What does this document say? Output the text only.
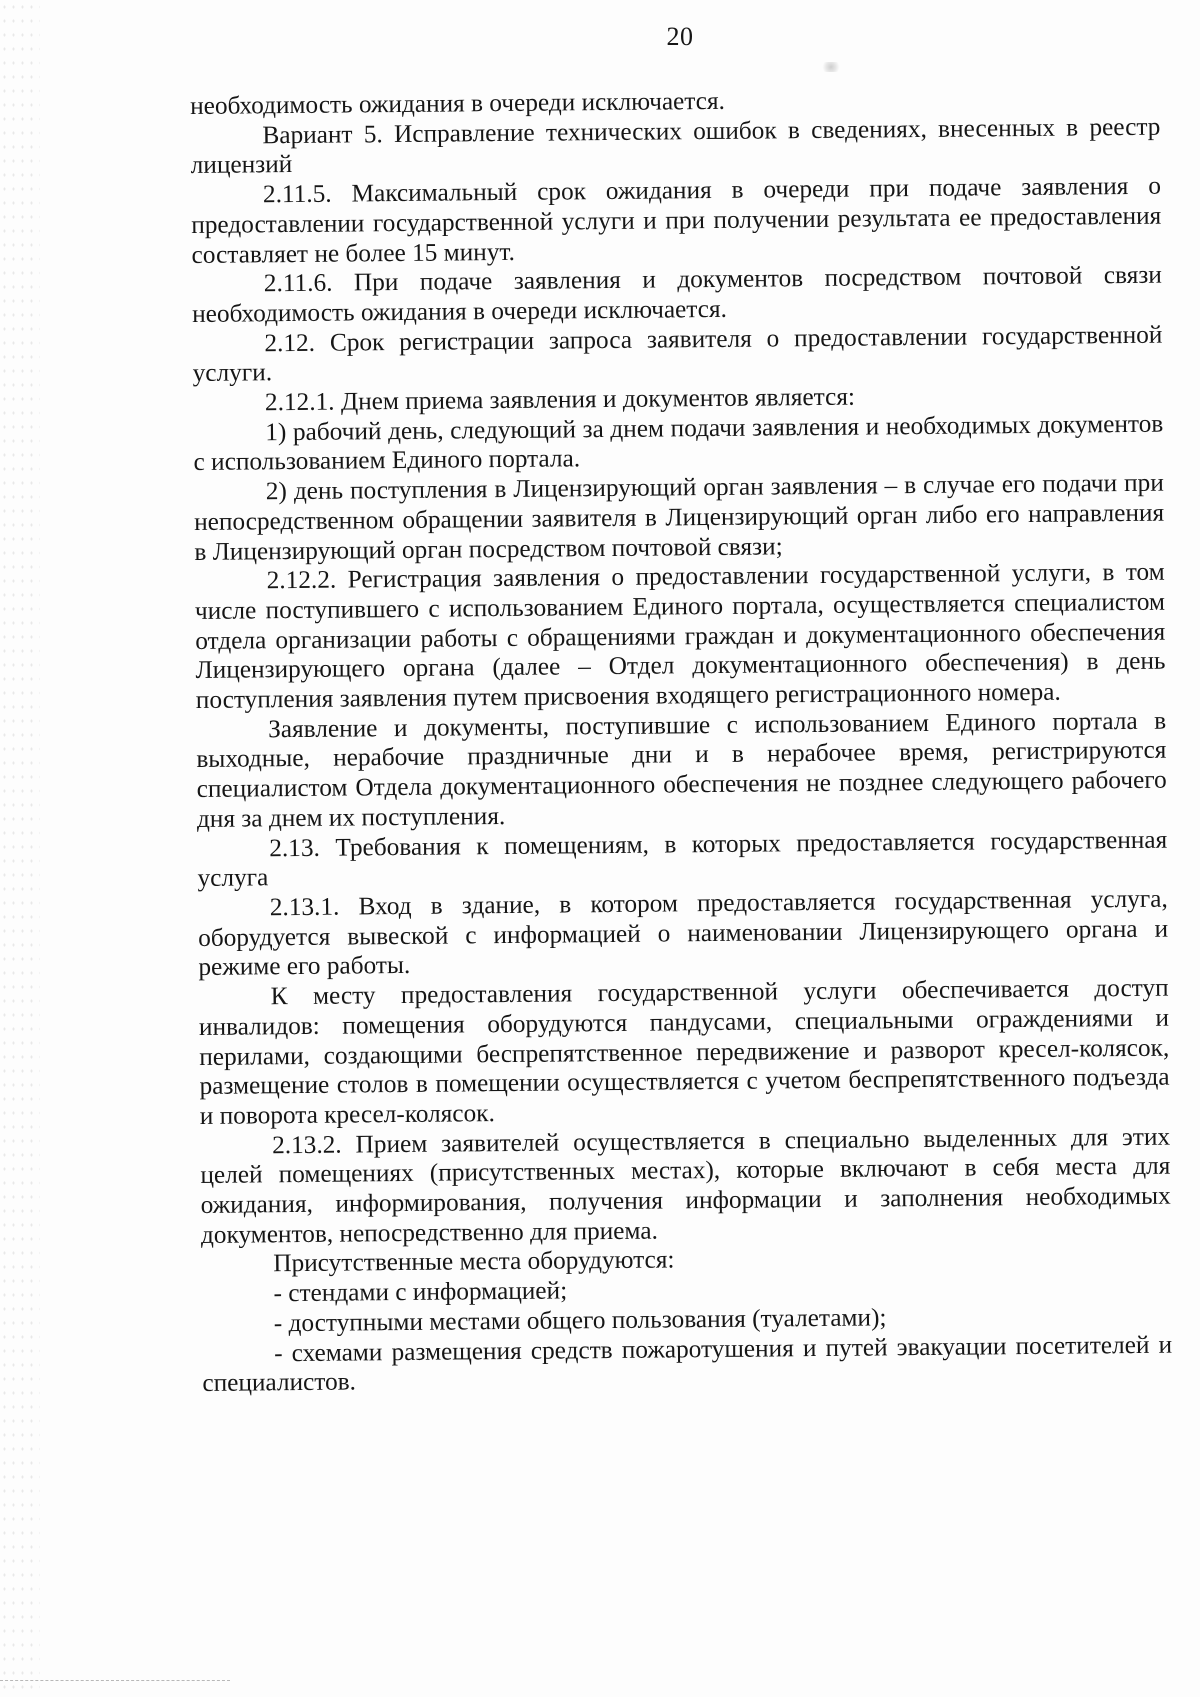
20

необходимость ожидания в очереди исключается.

Вариант 5. Исправление технических ошибок в сведениях, внесенных в реестр лицензий

2.11.5. Максимальный срок ожидания в очереди при подаче заявления о предоставлении государственной услуги и при получении результата ее предоставления составляет не более 15 минут.

2.11.6. При подаче заявления и документов посредством почтовой связи необходимость ожидания в очереди исключается.

2.12. Срок регистрации запроса заявителя о предоставлении государственной услуги.

2.12.1. Днем приема заявления и документов является:

1) рабочий день, следующий за днем подачи заявления и необходимых документов с использованием Единого портала.

2) день поступления в Лицензирующий орган заявления – в случае его подачи при непосредственном обращении заявителя в Лицензирующий орган либо его направления в Лицензирующий орган посредством почтовой связи;

2.12.2. Регистрация заявления о предоставлении государственной услуги, в том числе поступившего с использованием Единого портала, осуществляется специалистом отдела организации работы с обращениями граждан и документационного обеспечения Лицензирующего органа (далее – Отдел документационного обеспечения) в день поступления заявления путем присвоения входящего регистрационного номера.

Заявление и документы, поступившие с использованием Единого портала в выходные, нерабочие праздничные дни и в нерабочее время, регистрируются специалистом Отдела документационного обеспечения не позднее следующего рабочего дня за днем их поступления.

2.13. Требования к помещениям, в которых предоставляется государственная услуга

2.13.1. Вход в здание, в котором предоставляется государственная услуга, оборудуется вывеской с информацией о наименовании Лицензирующего органа и режиме его работы.

К месту предоставления государственной услуги обеспечивается доступ инвалидов: помещения оборудуются пандусами, специальными ограждениями и перилами, создающими беспрепятственное передвижение и разворот кресел-колясок, размещение столов в помещении осуществляется с учетом беспрепятственного подъезда и поворота кресел-колясок.

2.13.2. Прием заявителей осуществляется в специально выделенных для этих целей помещениях (присутственных местах), которые включают в себя места для ожидания, информирования, получения информации и заполнения необходимых документов, непосредственно для приема.

Присутственные места оборудуются:

- стендами с информацией;

- доступными местами общего пользования (туалетами);

- схемами размещения средств пожаротушения и путей эвакуации посетителей и специалистов.
